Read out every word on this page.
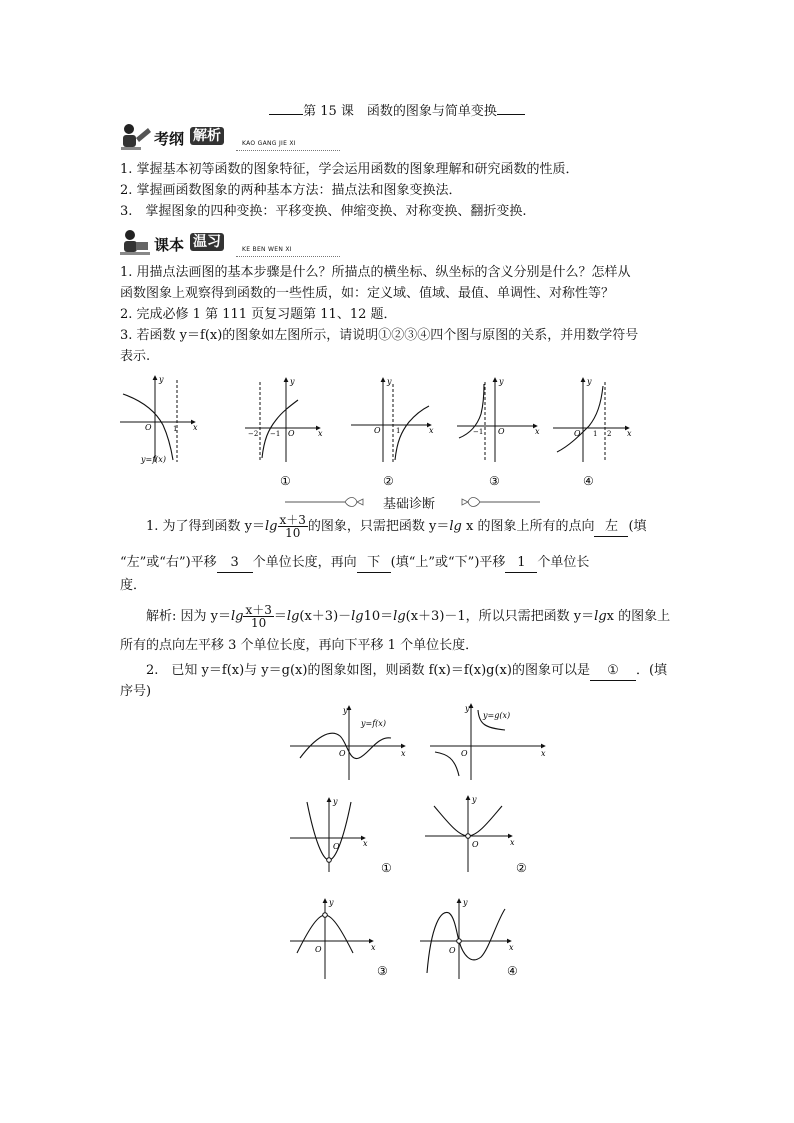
第 15 课　函数的图象与简单变换
考纲 解析	KAO GANG JIE XI
1. 掌握基本初等函数的图象特征，学会运用函数的图象理解和研究函数的性质．
2. 掌握画函数图象的两种基本方法：描点法和图象变换法．
3.　掌握图象的四种变换：平移变换、伸缩变换、对称变换、翻折变换.
课本 温习	KE BEN WEN XI
1. 用描点法画图的基本步骤是什么？所描点的横坐标、纵坐标的含义分别是什么？怎样从
函数图象上观察得到函数的一些性质，如：定义域、值域、最值、单调性、对称性等？
2. 完成必修 1 第 111 页复习题第 11、12 题．
3. 若函数 y＝f(x)的图象如左图所示，请说明①②③④四个图与原图的关系，并用数学符号
表示.
y
x
O	1
y=f(x)
y
x
O
−2 −1
①
y
x
O 1
②
y
x
O
−1
③
y
x
O 1 2
④
基础诊断
1. 为了得到函数 $y=\lg \frac{x+3}{10}$ 的图象，只需把函数 y＝lg x 的图象上所有的点向 左 (填
“左”或“右”)平移 3 个单位长度，再向 下 (填“上”或“下”)平移 1 个单位长
度．
解析: 因为 $y=\lg \frac{x+3}{10} =\lg(x+3)-\lg 10=\lg(x+3)-1$，所以只需把函数 y＝lgx 的图象上
所有的点向左平移 3 个单位长度，再向下平移 1 个单位长度．
2.　已知 y＝f(x)与 y＝g(x)的图象如图，则函数 f(x)＝f(x)g(x)的图象可以是 ① ．(填
序号)
y
x
O
y=f(x)
y
x
O
y=g(x)
y
x
O
①
y
x
O
②
y
x
O
③
y
x
O
④
